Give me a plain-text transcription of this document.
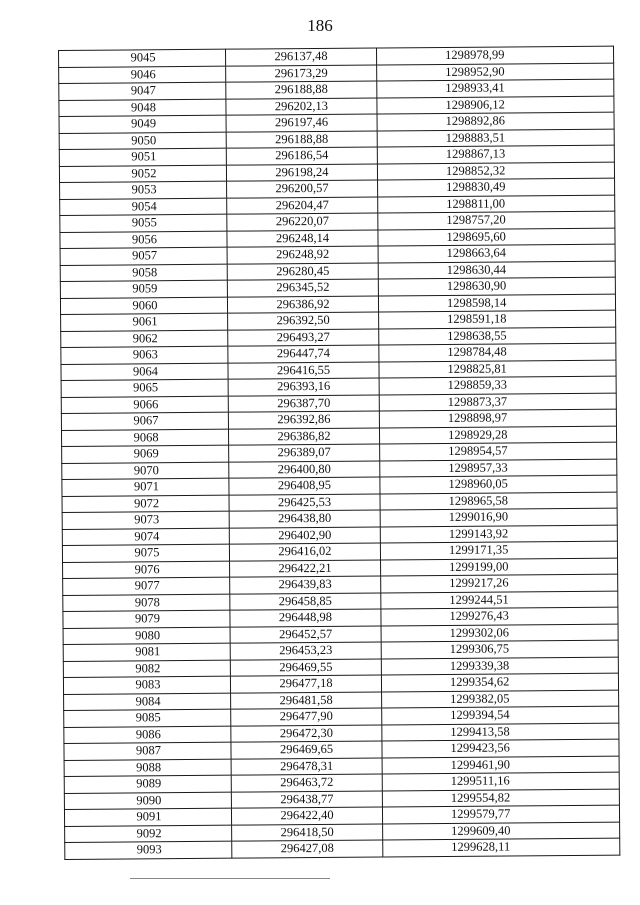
186
9045	296137,48	1298978,99
9046	296173,29	1298952,90
9047	296188,88	1298933,41
9048	296202,13	1298906,12
9049	296197,46	1298892,86
9050	296188,88	1298883,51
9051	296186,54	1298867,13
9052	296198,24	1298852,32
9053	296200,57	1298830,49
9054	296204,47	1298811,00
9055	296220,07	1298757,20
9056	296248,14	1298695,60
9057	296248,92	1298663,64
9058	296280,45	1298630,44
9059	296345,52	1298630,90
9060	296386,92	1298598,14
9061	296392,50	1298591,18
9062	296493,27	1298638,55
9063	296447,74	1298784,48
9064	296416,55	1298825,81
9065	296393,16	1298859,33
9066	296387,70	1298873,37
9067	296392,86	1298898,97
9068	296386,82	1298929,28
9069	296389,07	1298954,57
9070	296400,80	1298957,33
9071	296408,95	1298960,05
9072	296425,53	1298965,58
9073	296438,80	1299016,90
9074	296402,90	1299143,92
9075	296416,02	1299171,35
9076	296422,21	1299199,00
9077	296439,83	1299217,26
9078	296458,85	1299244,51
9079	296448,98	1299276,43
9080	296452,57	1299302,06
9081	296453,23	1299306,75
9082	296469,55	1299339,38
9083	296477,18	1299354,62
9084	296481,58	1299382,05
9085	296477,90	1299394,54
9086	296472,30	1299413,58
9087	296469,65	1299423,56
9088	296478,31	1299461,90
9089	296463,72	1299511,16
9090	296438,77	1299554,82
9091	296422,40	1299579,77
9092	296418,50	1299609,40
9093	296427,08	1299628,11
